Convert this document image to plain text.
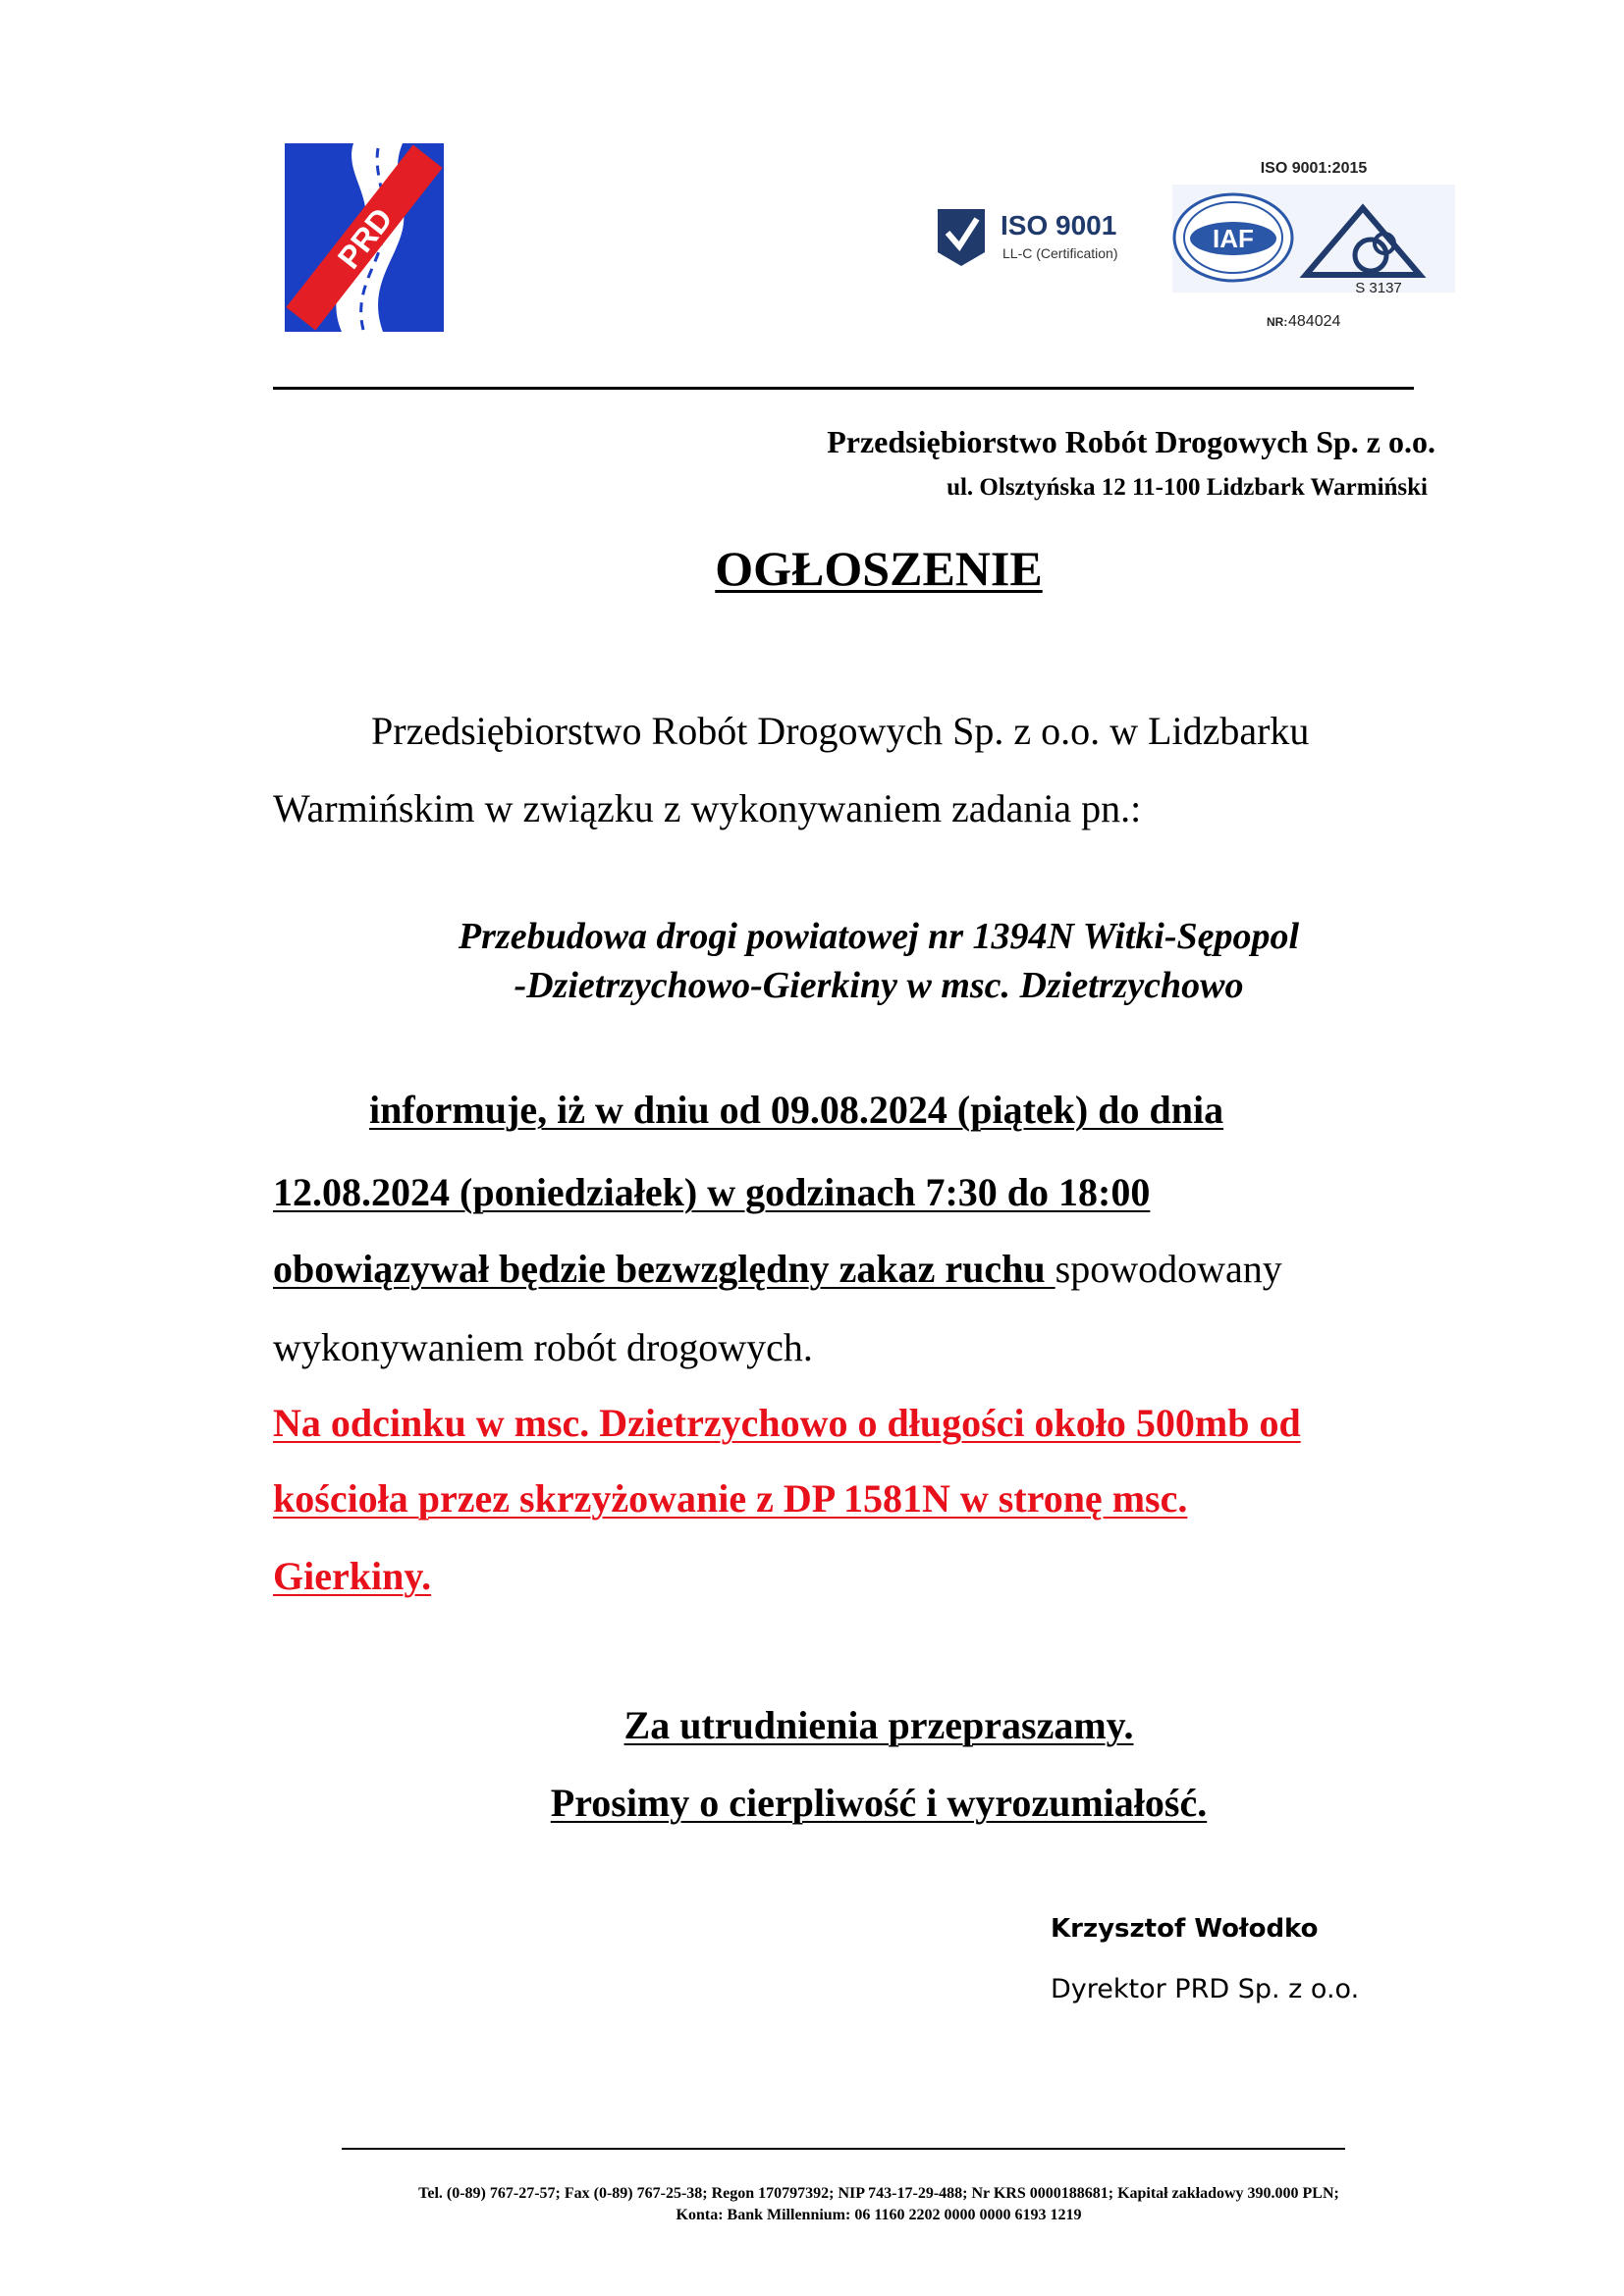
PRD	ISO 9001
LL-C (Certification)
ISO 9001:2015
IAF
S 3137
NR: 484024
Przedsiębiorstwo Robót Drogowych Sp. z o.o.
ul. Olsztyńska 12 11-100 Lidzbark Warmiński
OGŁOSZENIE
Przedsiębiorstwo Robót Drogowych Sp. z o.o. w Lidzbarku
Warmińskim w związku z wykonywaniem zadania pn.:
Przebudowa drogi powiatowej nr 1394N Witki-Sępopol
-Dzietrzychowo-Gierkiny w msc. Dzietrzychowo
informuje, iż w dniu od 09.08.2024 (piątek) do dnia
12.08.2024 (poniedziałek) w godzinach 7:30 do 18:00
obowiązywał będzie bezwzględny zakaz ruchu spowodowany
wykonywaniem robót drogowych.
Na odcinku w msc. Dzietrzychowo o długości około 500mb od
kościoła przez skrzyżowanie z DP 1581N w stronę msc.
Gierkiny.
Za utrudnienia przepraszamy.
Prosimy o cierpliwość i wyrozumiałość.
Krzysztof Wołodko
Dyrektor PRD Sp. z o.o.
Tel. (0-89) 767-27-57; Fax (0-89) 767-25-38; Regon 170797392; NIP 743-17-29-488; Nr KRS 0000188681; Kapitał zakładowy 390.000 PLN;
Konta: Bank Millennium: 06 1160 2202 0000 0000 6193 1219
